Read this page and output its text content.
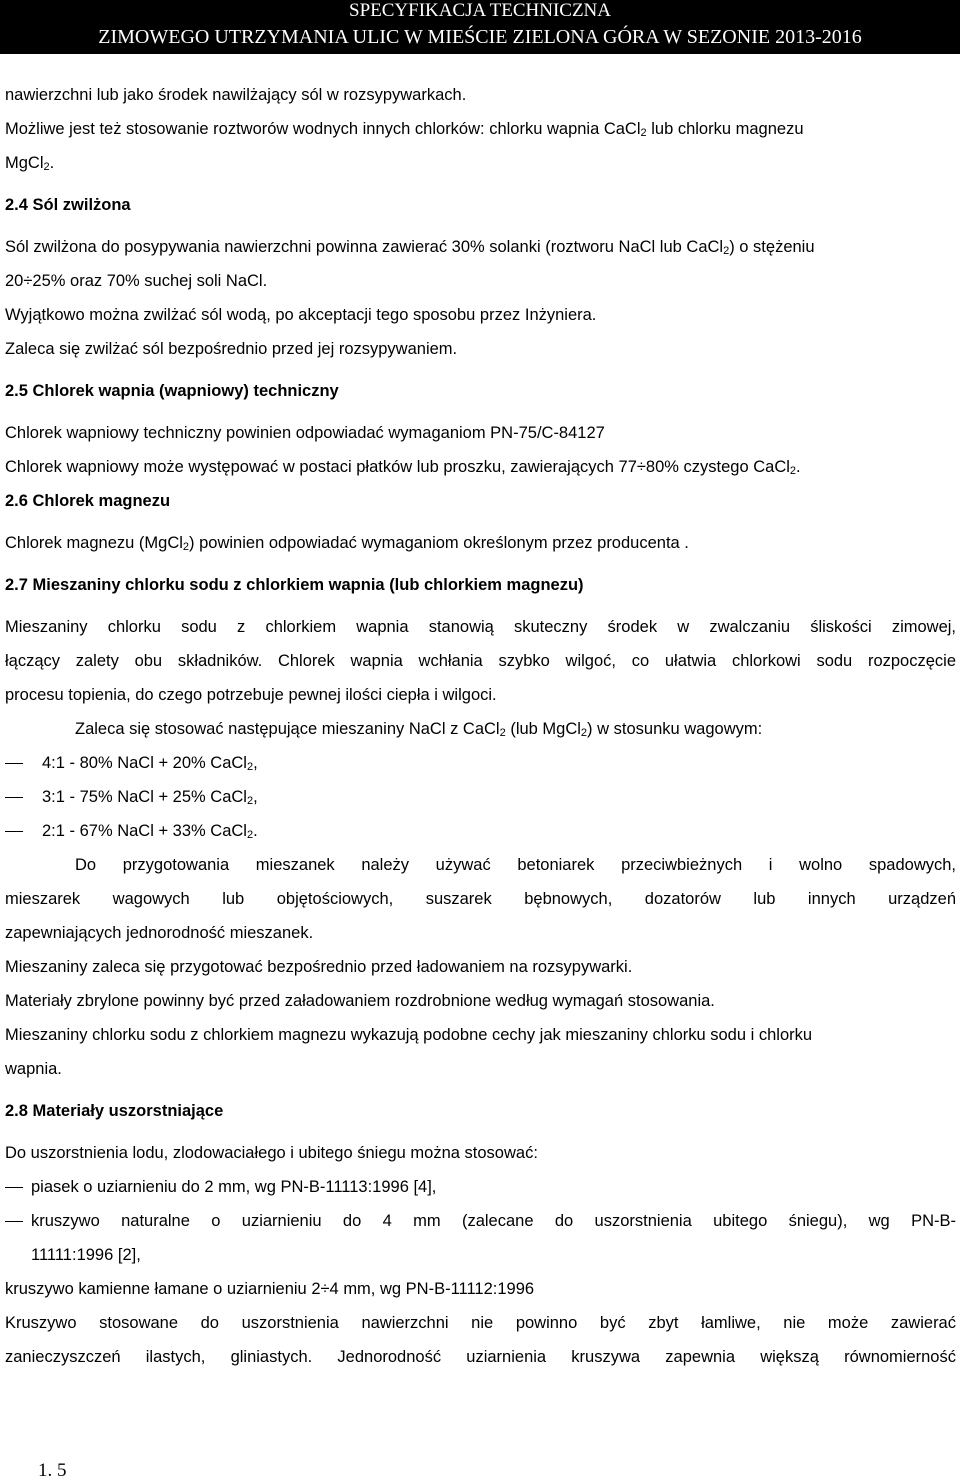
SPECYFIKACJA TECHNICZNA
ZIMOWEGO UTRZYMANIA ULIC W MIEŚCIE ZIELONA GÓRA W SEZONIE 2013-2016
nawierzchni lub jako środek nawilżający sól w rozsypywarkach.
Możliwe jest też stosowanie roztworów wodnych innych chlorków: chlorku wapnia CaCl$_2$ lub chlorku magnezu
MgCl$_2$.
2.4 Sól zwilżona
Sól zwilżona do posypywania nawierzchni powinna zawierać 30% solanki (roztworu NaCl lub CaCl$_2$) o stężeniu
20÷25% oraz 70% suchej soli NaCl.
Wyjątkowo można zwilżać sól wodą, po akceptacji tego sposobu przez Inżyniera.
Zaleca się zwilżać sól bezpośrednio przed jej rozsypywaniem.
2.5 Chlorek wapnia (wapniowy) techniczny
Chlorek wapniowy techniczny powinien odpowiadać wymaganiom PN-75/C-84127
Chlorek wapniowy może występować w postaci płatków lub proszku, zawierających 77÷80% czystego CaCl$_2$.
2.6 Chlorek magnezu
Chlorek magnezu (MgCl$_2$) powinien odpowiadać wymaganiom określonym przez producenta .
2.7 Mieszaniny chlorku sodu z chlorkiem wapnia (lub chlorkiem magnezu)
Mieszaniny chlorku sodu z chlorkiem wapnia stanowią skuteczny środek w zwalczaniu śliskości zimowej,
łączący zalety obu składników. Chlorek wapnia wchłania szybko wilgoć, co ułatwia chlorkowi sodu rozpoczęcie
procesu topienia, do czego potrzebuje pewnej ilości ciepła i wilgoci.
Zaleca się stosować następujące mieszaniny NaCl z CaCl$_2$ (lub MgCl$_2$) w stosunku wagowym:
4:1 - 80% NaCl + 20% CaCl$_2$,
3:1 - 75% NaCl + 25% CaCl$_2$,
2:1 - 67% NaCl + 33% CaCl$_2$.
Do przygotowania mieszanek należy używać betoniarek przeciwbieżnych i wolno spadowych,
mieszarek wagowych lub objętościowych, suszarek bębnowych, dozatorów lub innych urządzeń
zapewniających jednorodność mieszanek.
Mieszaniny zaleca się przygotować bezpośrednio przed ładowaniem na rozsypywarki.
Materiały zbrylone powinny być przed załadowaniem rozdrobnione według wymagań stosowania.
Mieszaniny chlorku sodu z chlorkiem magnezu wykazują podobne cechy jak mieszaniny chlorku sodu i chlorku
wapnia.
2.8 Materiały uszorstniające
Do uszorstnienia lodu, zlodowaciałego i ubitego śniegu można stosować:
piasek o uziarnieniu do 2 mm, wg PN-B-11113:1996 [4],
kruszywo naturalne o uziarnieniu do 4 mm (zalecane do uszorstnienia ubitego śniegu), wg PN-B-
11111:1996 [2],
kruszywo kamienne łamane o uziarnieniu 2÷4 mm, wg PN-B-11112:1996
Kruszywo stosowane do uszorstnienia nawierzchni nie powinno być zbyt łamliwe, nie może zawierać
zanieczyszczeń ilastych, gliniastych. Jednorodność uziarnienia kruszywa zapewnia większą równomierność
1. 5
